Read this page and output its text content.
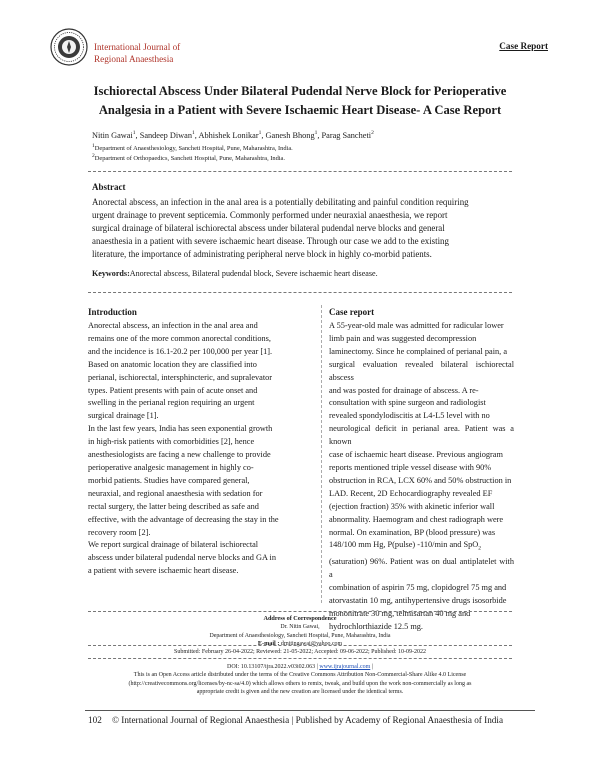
International Journal of
Regional Anaesthesia
Case Report
Ischiorectal Abscess Under Bilateral Pudendal Nerve Block for Perioperative
Analgesia in a Patient with Severe Ischaemic Heart Disease- A Case Report
Nitin Gawai$^1$, Sandeep Diwan$^1$, Abhishek Lonikar$^1$, Ganesh Bhong$^1$, Parag Sancheti$^2$
1Department of Anaesthesiology, Sancheti Hospital, Pune, Maharashtra, India.
2Department of Orthopaedics, Sancheti Hospital, Pune, Maharashtra, India.
Abstract
Anorectal abscess, an infection in the anal area is a potentially debilitating and painful condition requiring
urgent drainage to prevent septicemia. Commonly performed under neuraxial anaesthesia, we report
surgical drainage of bilateral ischiorectal abscess under bilateral pudendal nerve blocks and general
anaesthesia in a patient with severe ischaemic heart disease. Through our case we add to the existing
literature, the importance of administrating peripheral nerve block in highly co-morbid patients.
Keywords:Anorectal abscess, Bilateral pudendal block, Severe ischaemic heart disease.
Introduction
Anorectal abscess, an infection in the anal area and
remains one of the more common anorectal conditions,
and the incidence is 16.1-20.2 per 100,000 per year [1].
Based on anatomic location they are classified into
perianal, ischiorectal, intersphincteric, and supralevator
types. Patient presents with pain of acute onset and
swelling in the perianal region requiring an urgent
surgical drainage [1].
In the last few years, India has seen exponential growth
in high-risk patients with comorbidities [2], hence
anesthesiologists are facing a new challenge to provide
perioperative analgesic management in highly co-
morbid patients. Studies have compared general,
neuraxial, and regional anaesthesia with sedation for
rectal surgery, the latter being described as safe and
effective, with the advantage of decreasing the stay in the
recovery room [2].
We report surgical drainage of bilateral ischiorectal
abscess under bilateral pudendal nerve blocks and GA in
a patient with severe ischaemic heart disease.
Case report
A 55-year-old male was admitted for radicular lower
limb pain and was suggested decompression
laminectomy. Since he complained of perianal pain, a
surgical evaluation revealed bilateral ischiorectal abscess
and was posted for drainage of abscess. A re-
consultation with spine surgeon and radiologist
revealed spondylodiscitis at L4-L5 level with no
neurological deficit in perianal area. Patient was a known
case of ischaemic heart disease. Previous angiogram
reports mentioned triple vessel disease with 90%
obstruction in RCA, LCX 60% and 50% obstruction in
LAD. Recent, 2D Echocardiography revealed EF
(ejection fraction) 35% with akinetic inferior wall
abnormality. Haemogram and chest radiograph were
normal. On examination, BP (blood pressure) was
148/100 mm Hg, P(pulse) -110/min and SpO$_2$
(saturation) 96%. Patient was on dual antiplatelet with a
combination of aspirin 75 mg, clopidogrel 75 mg and
atorvastatin 10 mg, antihypertensive drugs isosorbide
mononitrate 30 mg, telmisartan 40 mg and
hydrochlorthiazide 12.5 mg.
Address of Correspondence
Dr. Nitin Gawai,
Department of Anaesthesiology, Sancheti Hospital, Pune, Maharashtra, India
E-mail : drnitingawai@yahoo.com
Submitted: February 26-04-2022; Reviewed: 21-05-2022; Accepted: 09-06-2022; Published: 10-09-2022
DOI: 10.13107/ijra.2022.v03i02.063 | www.ijrajournal.com |
This is an Open Access article distributed under the terms of the Creative Commons Attribution Non-Commercial-Share Alike 4.0 License
(http://creativecommons.org/licenses/by-nc-sa/4.0) which allows others to remix, tweak, and build upon the work non-commercially as long as
appropriate credit is given and the new creation are licensed under the identical terms.
102 © International Journal of Regional Anaesthesia | Published by Academy of Regional Anaesthesia of India
